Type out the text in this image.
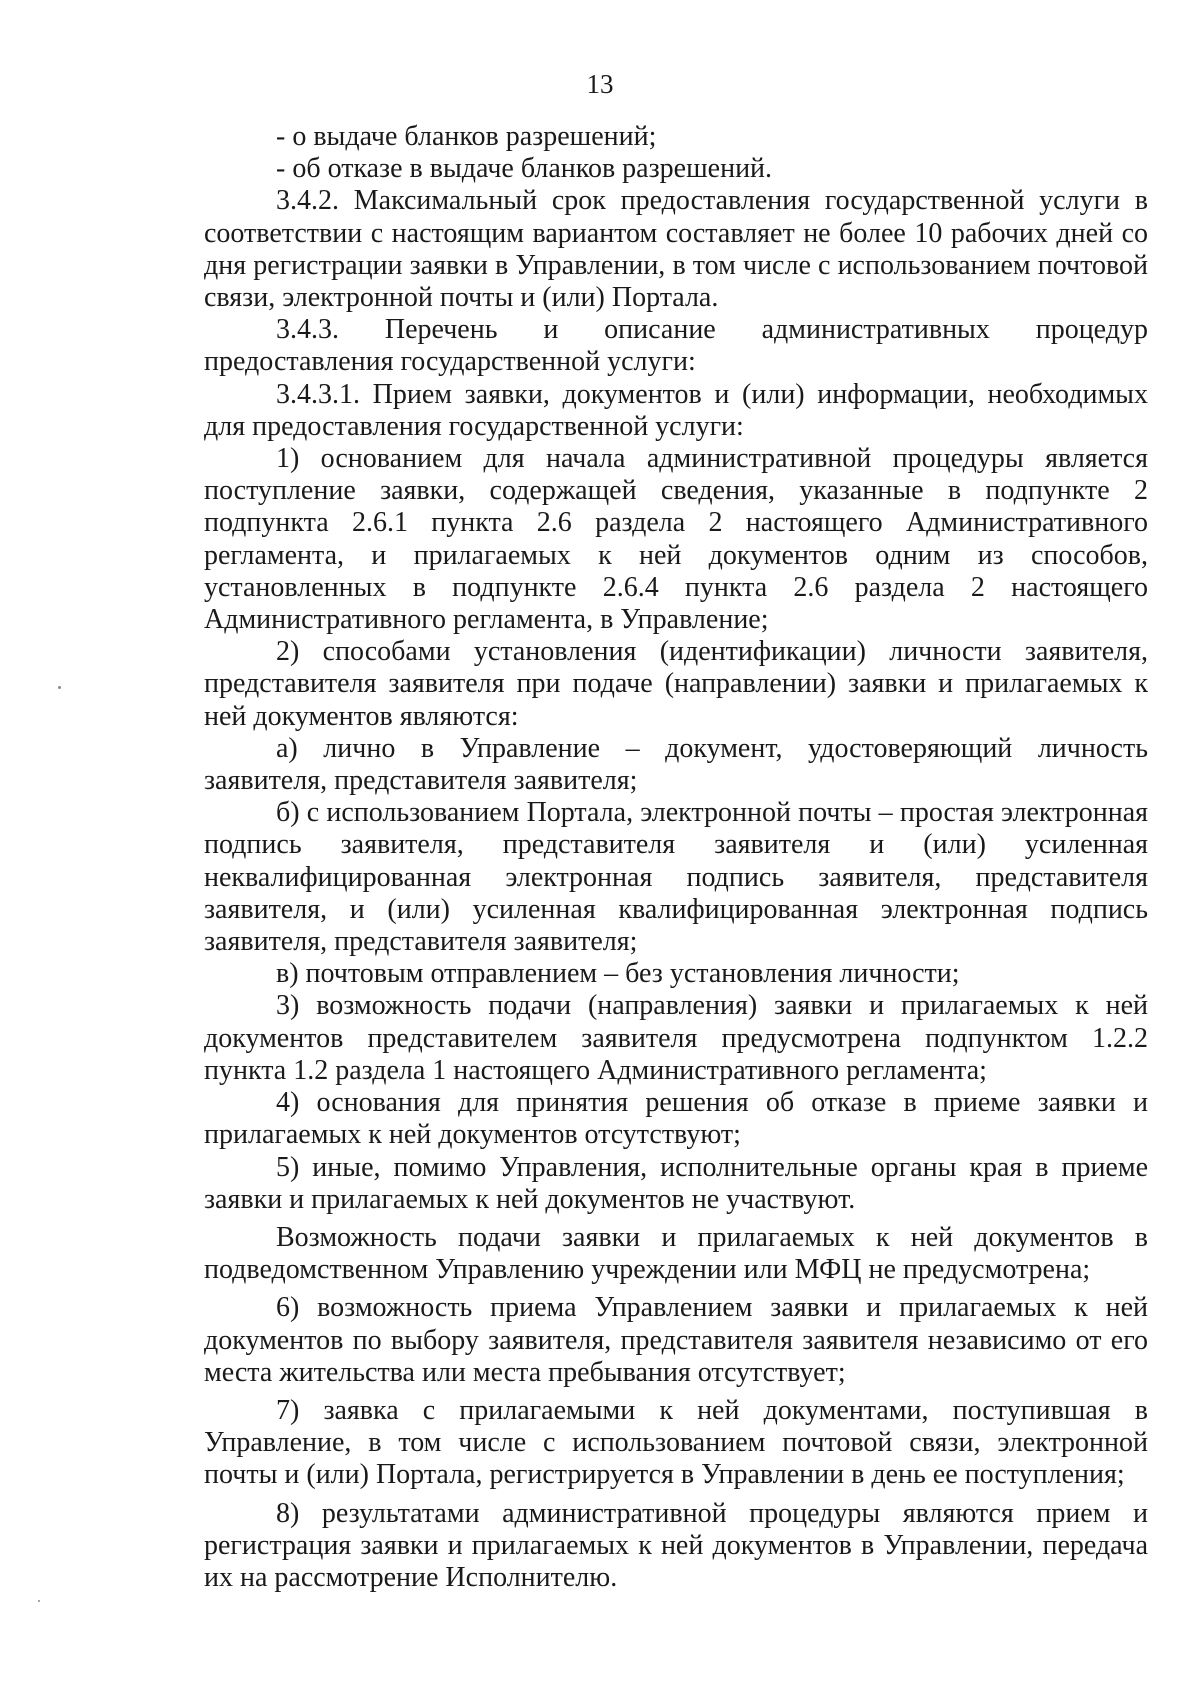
13

- о выдаче бланков разрешений;

- об отказе в выдаче бланков разрешений.

3.4.2. Максимальный срок предоставления государственной услуги в соответствии с настоящим вариантом составляет не более 10 рабочих дней со дня регистрации заявки в Управлении, в том числе с использованием почтовой связи, электронной почты и (или) Портала.

3.4.3. Перечень и описание административных процедур предоставления государственной услуги:

3.4.3.1. Прием заявки, документов и (или) информации, необходимых для предоставления государственной услуги:

1) основанием для начала административной процедуры является поступление заявки, содержащей сведения, указанные в подпункте 2 подпункта 2.6.1 пункта 2.6 раздела 2 настоящего Административного регламента, и прилагаемых к ней документов одним из способов, установленных в подпункте 2.6.4 пункта 2.6 раздела 2 настоящего Административного регламента, в Управление;

2) способами установления (идентификации) личности заявителя, представителя заявителя при подаче (направлении) заявки и прилагаемых к ней документов являются:

а) лично в Управление – документ, удостоверяющий личность заявителя, представителя заявителя;

б) с использованием Портала, электронной почты – простая электронная подпись заявителя, представителя заявителя и (или) усиленная неквалифицированная электронная подпись заявителя, представителя заявителя, и (или) усиленная квалифицированная электронная подпись заявителя, представителя заявителя;

в) почтовым отправлением – без установления личности;

3) возможность подачи (направления) заявки и прилагаемых к ней документов представителем заявителя предусмотрена подпунктом 1.2.2 пункта 1.2 раздела 1 настоящего Административного регламента;

4) основания для принятия решения об отказе в приеме заявки и прилагаемых к ней документов отсутствуют;

5) иные, помимо Управления, исполнительные органы края в приеме заявки и прилагаемых к ней документов не участвуют.

Возможность подачи заявки и прилагаемых к ней документов в подведомственном Управлению учреждении или МФЦ не предусмотрена;

6) возможность приема Управлением заявки и прилагаемых к ней документов по выбору заявителя, представителя заявителя независимо от его места жительства или места пребывания отсутствует;

7) заявка с прилагаемыми к ней документами, поступившая в Управление, в том числе с использованием почтовой связи, электронной почты и (или) Портала, регистрируется в Управлении в день ее поступления;

8) результатами административной процедуры являются прием и регистрация заявки и прилагаемых к ней документов в Управлении, передача их на рассмотрение Исполнителю.
